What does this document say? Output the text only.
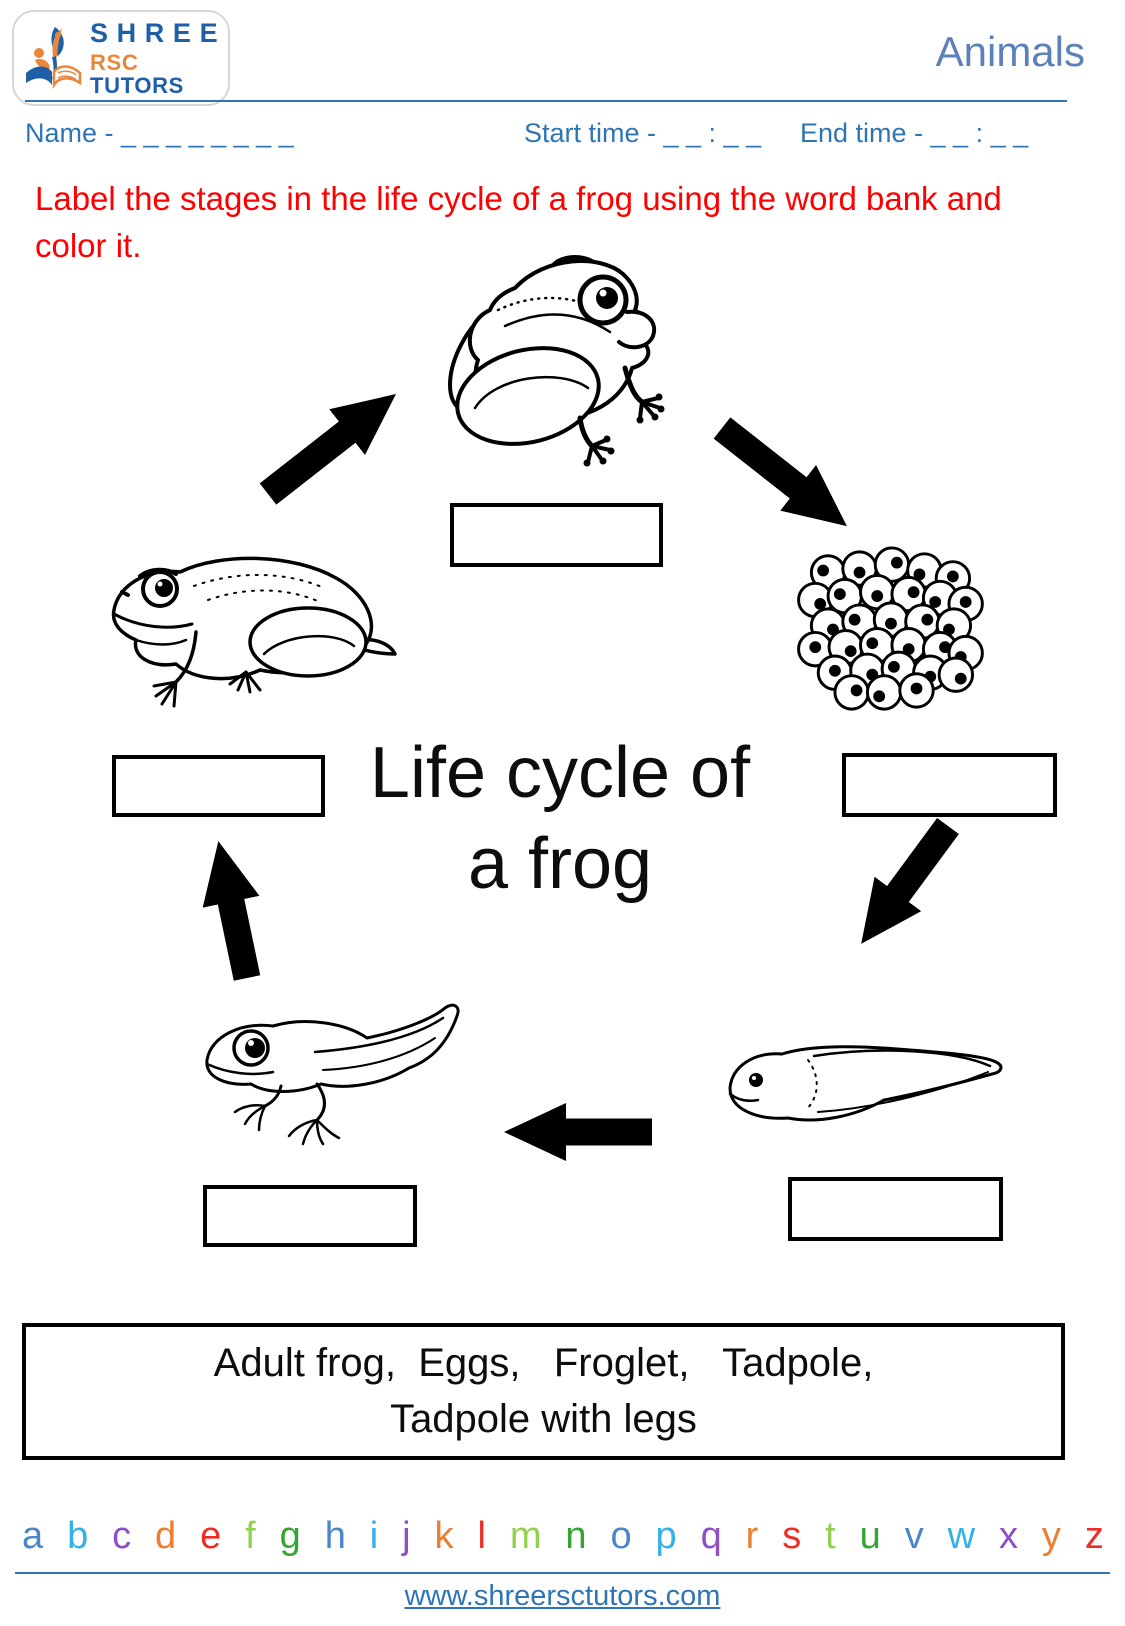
SHREE
RSC TUTORS
Animals
Name - _ _ _ _ _ _ _ _	Start time - _ _ : _ _ End time - _ _ : _ _
Label the stages in the life cycle of a frog using the word bank and color it.
Life cycle of
a frog
Adult frog,  Eggs,   Froglet,   Tadpole,
Tadpole with legs
a b c d e f g h i j k l m n o p q r s t u v w x y z
www.shreersctutors.com
